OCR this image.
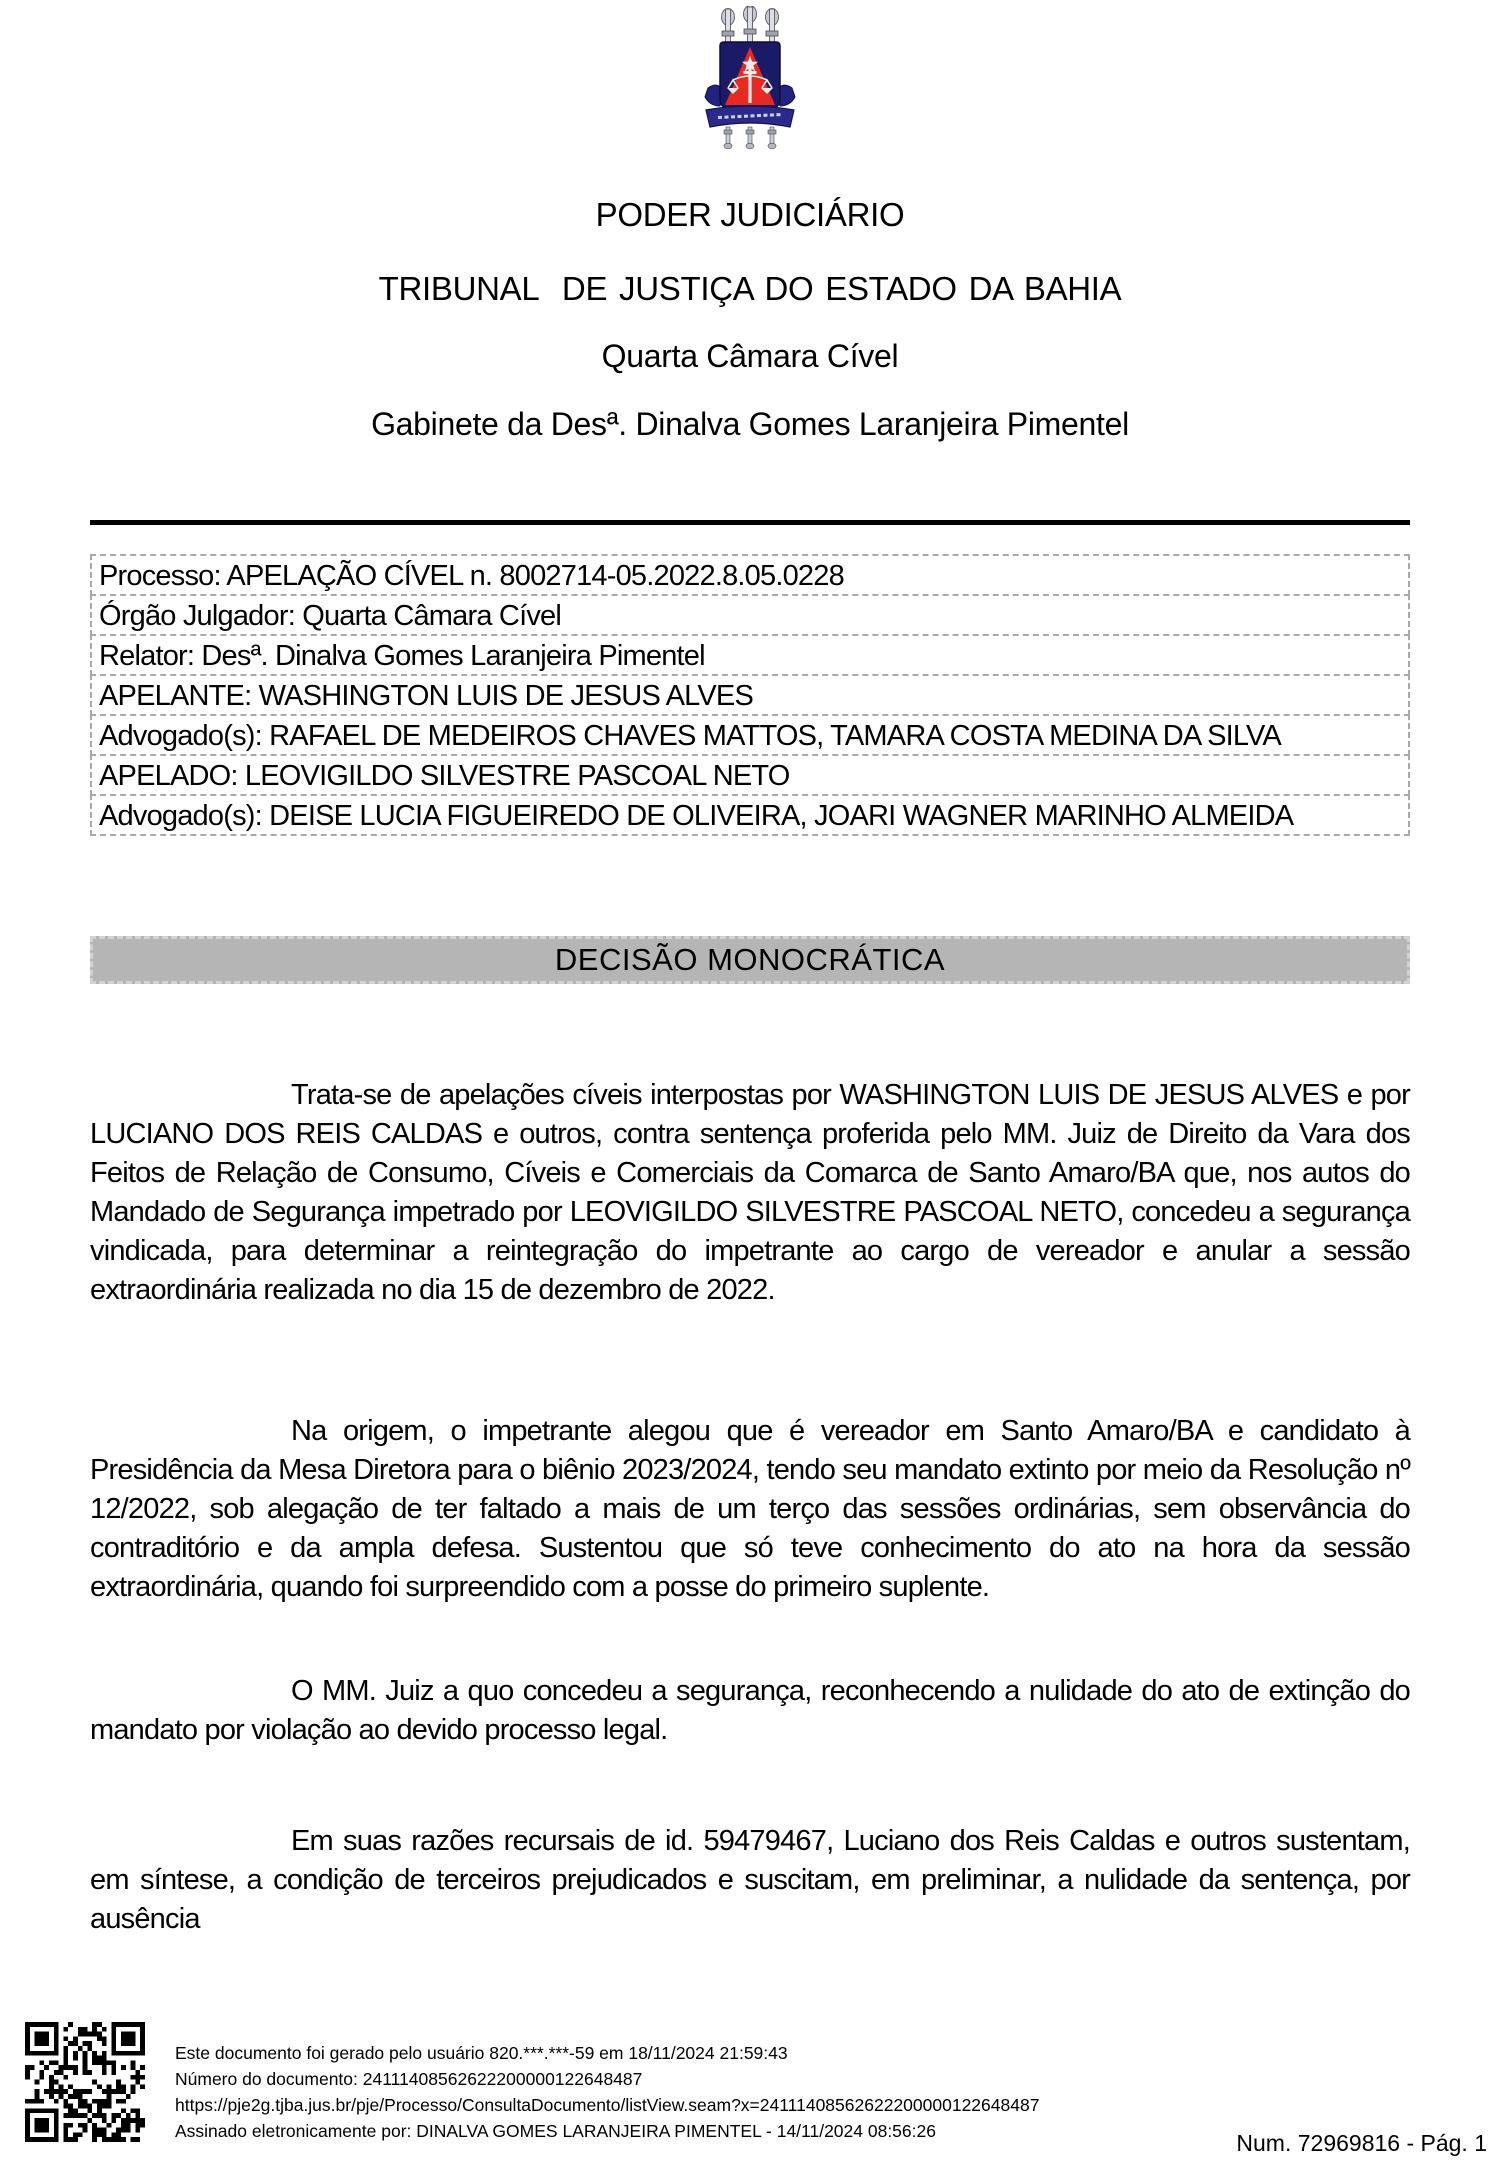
PODER JUDICIÁRIO
TRIBUNAL  DE JUSTIÇA DO ESTADO DA BAHIA
Quarta Câmara Cível
Gabinete da Desª. Dinalva Gomes Laranjeira Pimentel
Processo: APELAÇÃO CÍVEL n. 8002714-05.2022.8.05.0228
Órgão Julgador: Quarta Câmara Cível
Relator: Desª. Dinalva Gomes Laranjeira Pimentel
APELANTE: WASHINGTON LUIS DE JESUS ALVES
Advogado(s): RAFAEL DE MEDEIROS CHAVES MATTOS, TAMARA COSTA MEDINA DA SILVA
APELADO: LEOVIGILDO SILVESTRE PASCOAL NETO
Advogado(s): DEISE LUCIA FIGUEIREDO DE OLIVEIRA, JOARI WAGNER MARINHO ALMEIDA
DECISÃO MONOCRÁTICA

Trata-se de apelações cíveis interpostas por WASHINGTON LUIS DE JESUS ALVES e por LUCIANO DOS REIS CALDAS e outros, contra sentença proferida pelo MM. Juiz de Direito da Vara dos Feitos de Relação de Consumo, Cíveis e Comerciais da Comarca de Santo Amaro/BA que, nos autos do Mandado de Segurança impetrado por LEOVIGILDO SILVESTRE PASCOAL NETO, concedeu a segurança vindicada, para determinar a reintegração do impetrante ao cargo de vereador e anular a sessão extraordinária realizada no dia 15 de dezembro de 2022.

Na origem, o impetrante alegou que é vereador em Santo Amaro/BA e candidato à Presidência da Mesa Diretora para o biênio 2023/2024, tendo seu mandato extinto por meio da Resolução nº 12/2022, sob alegação de ter faltado a mais de um terço das sessões ordinárias, sem observância do contraditório e da ampla defesa. Sustentou que só teve conhecimento do ato na hora da sessão extraordinária, quando foi surpreendido com a posse do primeiro suplente.

O MM. Juiz a quo concedeu a segurança, reconhecendo a nulidade do ato de extinção do mandato por violação ao devido processo legal.

Em suas razões recursais de id. 59479467, Luciano dos Reis Caldas e outros sustentam, em síntese, a condição de terceiros prejudicados e suscitam, em preliminar, a nulidade da sentença, por ausência

Este documento foi gerado pelo usuário 820.***.***-59 em 18/11/2024 21:59:43
Número do documento: 24111408562622200000122648487
https://pje2g.tjba.jus.br/pje/Processo/ConsultaDocumento/listView.seam?x=24111408562622200000122648487
Assinado eletronicamente por: DINALVA GOMES LARANJEIRA PIMENTEL - 14/11/2024 08:56:26	Num. 72969816 - Pág. 1
